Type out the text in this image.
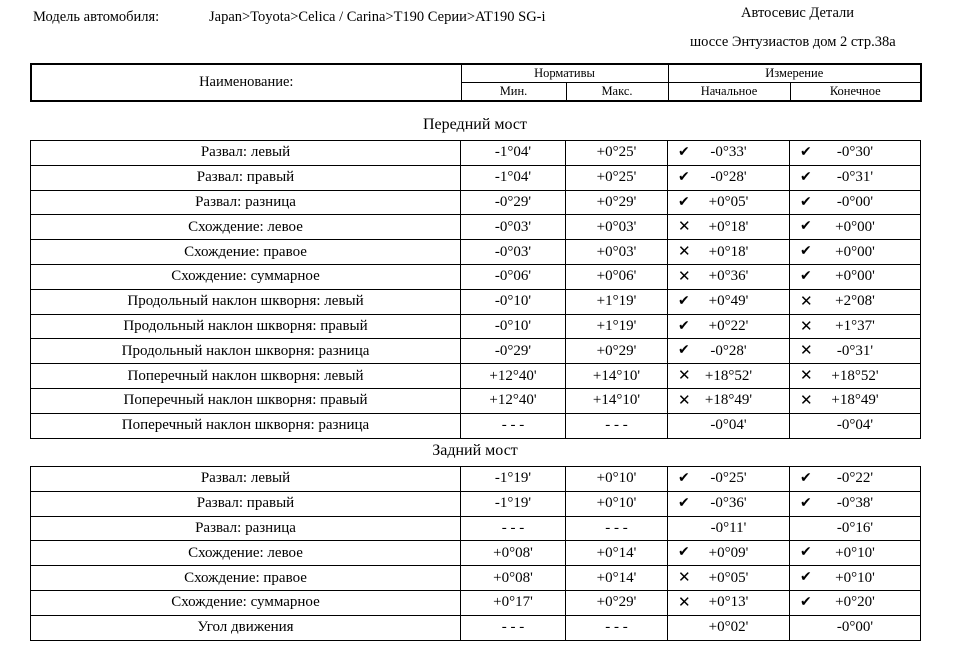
Модель автомобиля:	Japan>Toyota>Celica / Carina>T190 Серии>AT190 SG-i	Автосевис Детали
шоссе Энтузиастов дом 2 стр.38а
Наименование:	Нормативы		Измерение	
	Мин.	Макс.	Начальное	Конечное
Передний мост
Развал: левый	-1°04'	+0°25'	✔ -0°33'	✔ -0°30'
Развал: правый	-1°04'	+0°25'	✔ -0°28'	✔ -0°31'
Развал: разница	-0°29'	+0°29'	✔ +0°05'	✔ -0°00'
Схождение: левое	-0°03'	+0°03'	✕ +0°18'	✔ +0°00'
Схождение: правое	-0°03'	+0°03'	✕ +0°18'	✔ +0°00'
Схождение: суммарное	-0°06'	+0°06'	✕ +0°36'	✔ +0°00'
Продольный наклон шкворня: левый	-0°10'	+1°19'	✔ +0°49'	✕ +2°08'
Продольный наклон шкворня: правый	-0°10'	+1°19'	✔ +0°22'	✕ +1°37'
Продольный наклон шкворня: разница	-0°29'	+0°29'	✔ -0°28'	✕ -0°31'
Поперечный наклон шкворня: левый	+12°40'	+14°10'	✕ +18°52'	✕ +18°52'
Поперечный наклон шкворня: правый	+12°40'	+14°10'	✕ +18°49'	✕ +18°49'
Поперечный наклон шкворня: разница	- - -	- - -	-0°04'	-0°04'
Задний мост
Развал: левый	-1°19'	+0°10'	✔ -0°25'	✔ -0°22'
Развал: правый	-1°19'	+0°10'	✔ -0°36'	✔ -0°38'
Развал: разница	- - -	- - -	-0°11'	-0°16'
Схождение: левое	+0°08'	+0°14'	✔ +0°09'	✔ +0°10'
Схождение: правое	+0°08'	+0°14'	✕ +0°05'	✔ +0°10'
Схождение: суммарное	+0°17'	+0°29'	✕ +0°13'	✔ +0°20'
Угол движения	- - -	- - -	+0°02'	-0°00'
